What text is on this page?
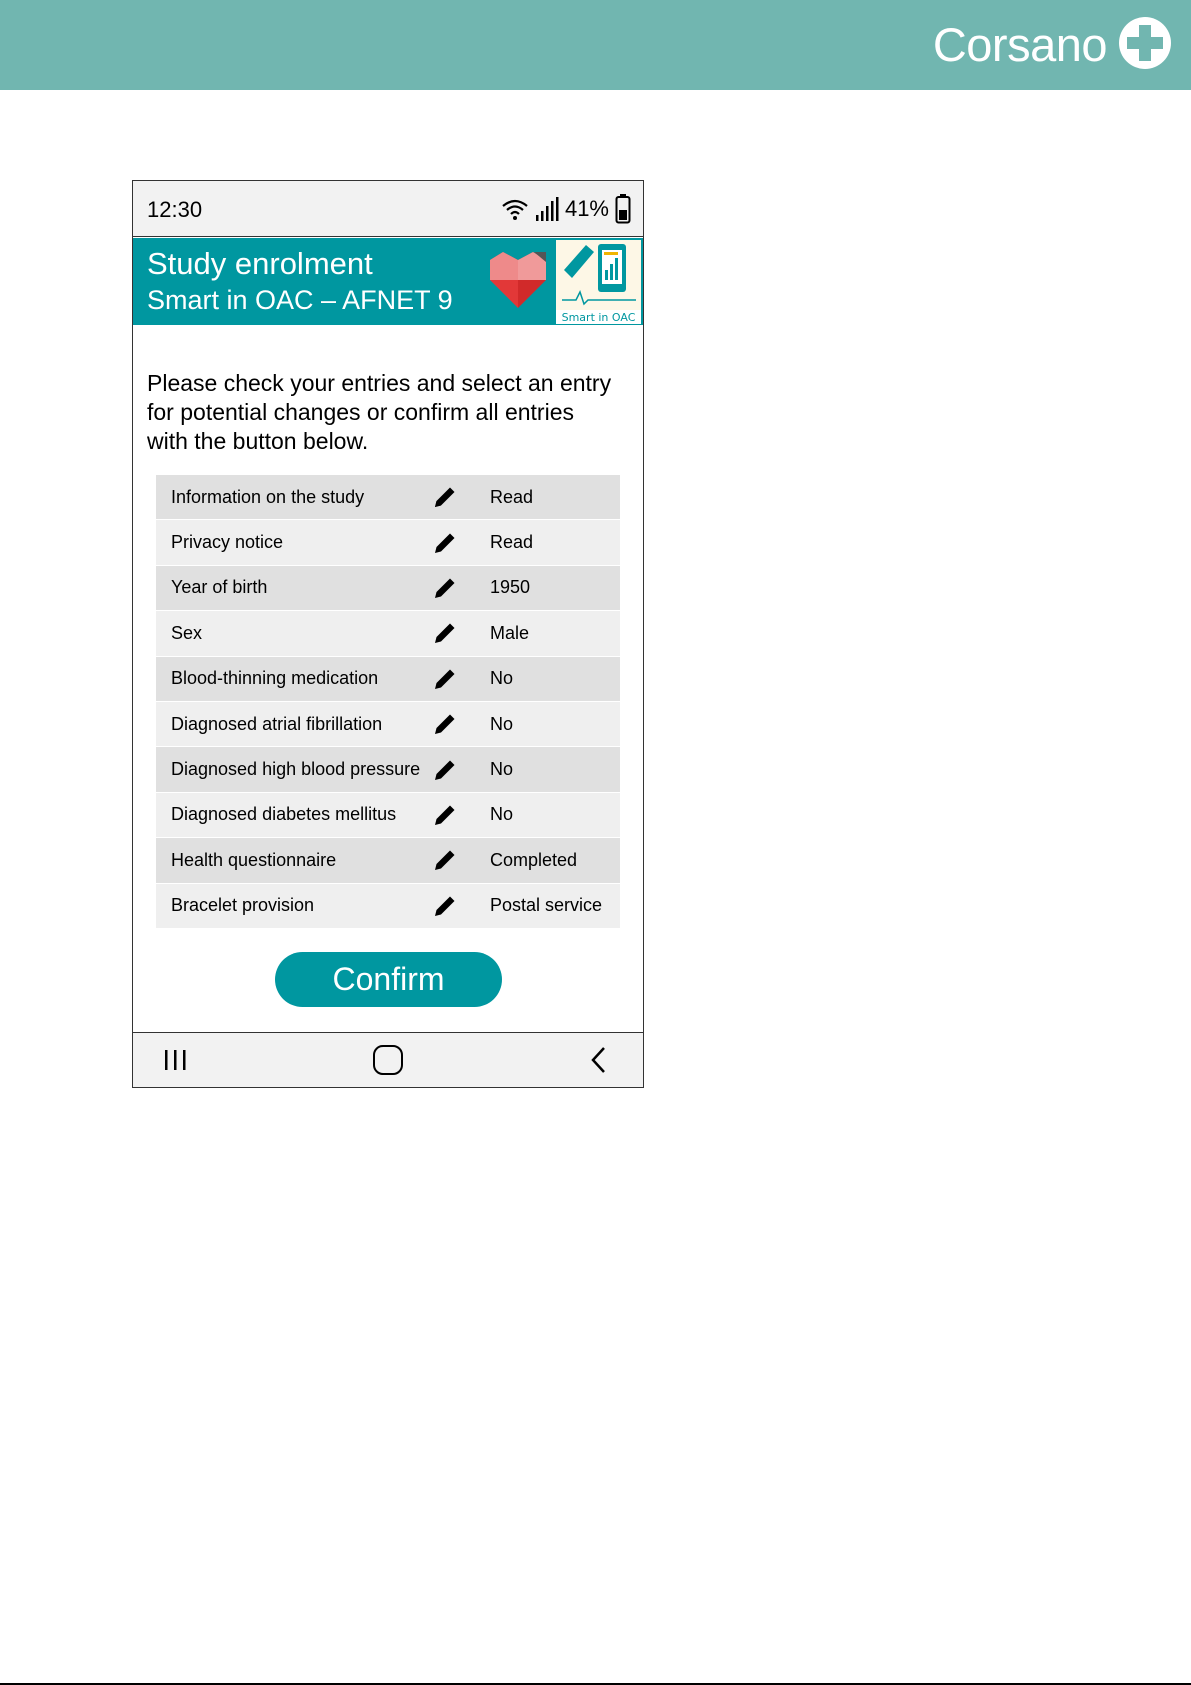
Corsano
12:30	41%
Study enrolment
Smart in OAC – AFNET 9
Smart in OAC
Please check your entries and select an entry for potential changes or confirm all entries with the button below.
Information on the study	Read
Privacy notice	Read
Year of birth	1950
Sex	Male
Blood-thinning medication	No
Diagnosed atrial fibrillation	No
Diagnosed high blood pressure	No
Diagnosed diabetes mellitus	No
Health questionnaire	Completed
Bracelet provision	Postal service
Confirm
